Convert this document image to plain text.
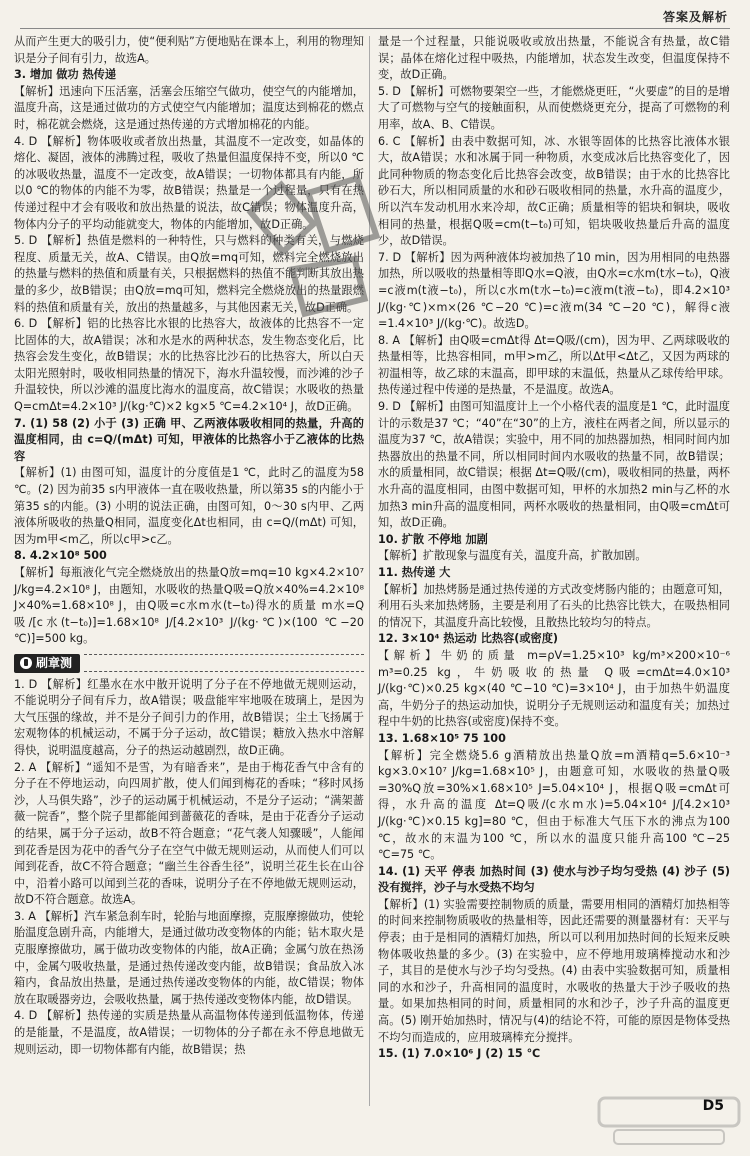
答案及解析

从而产生更大的吸引力，使“便利贴”方便地贴在课本上，利用的物理知识是分子间有引力，故选A。

3. 增加 做功 热传递

【解析】迅速向下压活塞，活塞会压缩空气做功，使空气的内能增加，温度升高，这是通过做功的方式使空气内能增加；温度达到棉花的燃点时，棉花就会燃烧，这是通过热传递的方式增加棉花的内能。

4. D 【解析】物体吸收或者放出热量，其温度不一定改变，如晶体的熔化、凝固，液体的沸腾过程，吸收了热量但温度保持不变，所以0 ℃的冰吸收热量，温度不一定改变，故A错误；一切物体都具有内能，所以0 ℃的物体的内能不为零，故B错误；热量是一个过程量，只有在热传递过程中才会有吸收和放出热量的说法，故C错误；物体温度升高，物体内分子的平均动能就变大，物体的内能增加，故D正确。

5. D 【解析】热值是燃料的一种特性，只与燃料的种类有关，与燃烧程度、质量无关，故A、C错误。由Q放=mq可知，燃料完全燃烧放出的热量与燃料的热值和质量有关，只根据燃料的热值不能判断其放出热量的多少，故B错误；由Q放=mq可知，燃料完全燃烧放出的热量跟燃料的热值和质量有关，放出的热量越多，与其他因素无关，故D正确。

6. D 【解析】铝的比热容比水银的比热容大，故液体的比热容不一定比固体的大，故A错误；冰和水是水的两种状态，发生物态变化后，比热容会发生变化，故B错误；水的比热容比沙石的比热容大，所以白天太阳光照射时，吸收相同热量的情况下，海水升温较慢，而沙滩的沙子升温较快，所以沙滩的温度比海水的温度高，故C错误；水吸收的热量Q=cmΔt=4.2×10³ J/(kg·℃)×2 kg×5 ℃=4.2×10⁴ J，故D正确。

7. (1) 58 (2) 小于 (3) 正确 甲、乙两液体吸收相同的热量，升高的温度相同，由 c=Q/(mΔt) 可知，甲液体的比热容小于乙液体的比热容

【解析】(1) 由图可知，温度计的分度值是1 ℃，此时乙的温度为58 ℃。(2) 因为前35 s内甲液体一直在吸收热量，所以第35 s的内能小于第35 s的内能。(3) 小明的说法正确，由图可知，0～30 s内甲、乙两液体所吸收的热量Q相同，温度变化Δt也相同，由 c=Q/(mΔt) 可知，因为m甲<m乙，所以c甲>c乙。

8. 4.2×10⁸ 500

【解析】每瓶液化气完全燃烧放出的热量Q放=mq=10 kg×4.2×10⁷ J/kg=4.2×10⁸ J，由题知，水吸收的热量Q吸=Q放×40%=4.2×10⁸ J×40%=1.68×10⁸ J，由Q吸=c水m水(t−t₀)得水的质量 m水=Q吸/[c水(t−t₀)]=1.68×10⁸ J/[4.2×10³ J/(kg·℃)×(100 ℃−20 ℃)]=500 kg。

刷章测

1. D 【解析】红墨水在水中散开说明了分子在不停地做无规则运动，不能说明分子间有斥力，故A错误；吸盘能牢牢地吸在玻璃上，是因为大气压强的缘故，并不是分子间引力的作用，故B错误；尘土飞扬属于宏观物体的机械运动，不属于分子运动，故C错误；糖放入热水中溶解得快，说明温度越高，分子的热运动越剧烈，故D正确。

2. A 【解析】“遥知不是雪，为有暗香来”，是由于梅花香气中含有的分子在不停地运动，向四周扩散，使人们闻到梅花的香味；“移时风扬沙，人马俱失路”，沙子的运动属于机械运动，不是分子运动；“满架蔷薇一院香”，整个院子里都能闻到蔷薇花的香味，是由于花香分子运动的结果，属于分子运动，故B不符合题意；“花气袭人知骤暖”，人能闻到花香是因为花中的香气分子在空气中做无规则运动，从而使人们可以闻到花香，故C不符合题意；“幽兰生谷香生径”，说明兰花生长在山谷中，沿着小路可以闻到兰花的香味，说明分子在不停地做无规则运动，故D不符合题意。故选A。

3. A 【解析】汽车紧急刹车时，轮胎与地面摩擦，克服摩擦做功，使轮胎温度急剧升高，内能增大，是通过做功改变物体的内能；钻木取火是克服摩擦做功，属于做功改变物体的内能，故A正确；金属勺放在热汤中，金属勺吸收热量，是通过热传递改变内能，故B错误；食品放入冰箱内，食品放出热量，是通过热传递改变物体的内能，故C错误；物体放在取暖器旁边，会吸收热量，属于热传递改变物体内能，故D错误。

4. D 【解析】热传递的实质是热量从高温物体传递到低温物体，传递的是能量，不是温度，故A错误；一切物体的分子都在永不停息地做无规则运动，即一切物体都有内能，故B错误；热

量是一个过程量，只能说吸收或放出热量，不能说含有热量，故C错误；晶体在熔化过程中吸热，内能增加，状态发生改变，但温度保持不变，故D正确。

5. D 【解析】可燃物要架空一些，才能燃烧更旺，“火要虚”的目的是增大了可燃物与空气的接触面积，从而使燃烧更充分，提高了可燃物的利用率，故A、B、C错误。

6. C 【解析】由表中数据可知，冰、水银等固体的比热容比液体水银大，故A错误；水和冰属于同一种物质，水变成冰后比热容变化了，因此同种物质的物态变化后比热容会改变，故B错误；由于水的比热容比砂石大，所以相同质量的水和砂石吸收相同的热量，水升高的温度少，所以汽车发动机用水来冷却，故C正确；质量相等的铝块和铜块，吸收相同的热量，根据Q吸=cm(t−t₀)可知，铝块吸收热量后升高的温度少，故D错误。

7. D 【解析】因为两种液体均被加热了10 min，因为用相同的电热器加热，所以吸收的热量相等即Q水=Q液，由Q水=c水m(t水−t₀)，Q液=c液m(t液−t₀)，所以c水m(t水−t₀)=c液m(t液−t₀)，即4.2×10³ J/(kg·℃)×m×(26 ℃−20 ℃)=c液m(34 ℃−20 ℃)，解得c液=1.4×10³ J/(kg·℃)。故选D。

8. A 【解析】由Q吸=cmΔt得 Δt=Q吸/(cm)，因为甲、乙两球吸收的热量相等，比热容相同，m甲>m乙，所以Δt甲<Δt乙，又因为两球的初温相等，故乙球的末温高，即甲球的末温低，热量从乙球传给甲球。热传递过程中传递的是热量，不是温度。故选A。

9. D 【解析】由图可知温度计上一个小格代表的温度是1 ℃，此时温度计的示数是37 ℃；“40”在“30”的上方，液柱在两者之间，所以显示的温度为37 ℃，故A错误；实验中，用不同的加热器加热，相同时间内加热器放出的热量不同，所以相同时间内水吸收的热量不同，故B错误；水的质量相同，故C错误；根据 Δt=Q吸/(cm)，吸收相同的热量，两杯水升高的温度相同，由图中数据可知，甲杯的水加热2 min与乙杯的水加热3 min升高的温度相同，两杯水吸收的热量相同，由Q吸=cmΔt可知，故D正确。

10. 扩散 不停地 加剧

【解析】扩散现象与温度有关，温度升高，扩散加剧。

11. 热传递 大

【解析】加热烤肠是通过热传递的方式改变烤肠内能的；由题意可知，利用石头来加热烤肠，主要是利用了石头的比热容比铁大，在吸热相同的情况下，其温度升高比较慢，且散热比较均匀的特点。

12. 3×10⁴ 热运动 比热容(或密度)

【解析】牛奶的质量 m=ρV=1.25×10³ kg/m³×200×10⁻⁶ m³=0.25 kg，牛奶吸收的热量 Q吸=cmΔt=4.0×10³ J/(kg·℃)×0.25 kg×(40 ℃−10 ℃)=3×10⁴ J，由于加热牛奶温度高，牛奶分子的热运动加快，说明分子无规则运动和温度有关；加热过程中牛奶的比热容(或密度)保持不变。

13. 1.68×10⁵ 75 100

【解析】完全燃烧5.6 g酒精放出热量Q放=m酒精q=5.6×10⁻³ kg×3.0×10⁷ J/kg=1.68×10⁵ J，由题意可知，水吸收的热量Q吸=30%Q放=30%×1.68×10⁵ J=5.04×10⁴ J，根据Q吸=cmΔt可得，水升高的温度 Δt=Q吸/(c水m水)=5.04×10⁴ J/[4.2×10³ J/(kg·℃)×0.15 kg]=80 ℃，但由于标准大气压下水的沸点为100 ℃，故水的末温为100 ℃，所以水的温度只能升高100 ℃−25 ℃=75 ℃。

14. (1) 天平 停表 加热时间 (3) 使水与沙子均匀受热 (4) 沙子 (5) 没有搅拌，沙子与水受热不均匀

【解析】(1) 实验需要控制物质的质量，需要用相同的酒精灯加热相等的时间来控制物质吸收的热量相等，因此还需要的测量器材有：天平与停表；由于是相同的酒精灯加热，所以可以利用加热时间的长短来反映物体吸收热量的多少。(3) 在实验中，应不停地用玻璃棒搅动水和沙子，其目的是使水与沙子均匀受热。(4) 由表中实验数据可知，质量相同的水和沙子，升高相同的温度时，水吸收的热量大于沙子吸收的热量。如果加热相同的时间，质量相同的水和沙子，沙子升高的温度更高。(5) 刚开始加热时，情况与(4)的结论不符，可能的原因是物体受热不均匀而造成的，应用玻璃棒充分搅拌。

15. (1) 7.0×10⁶ J (2) 15 ℃

D5
